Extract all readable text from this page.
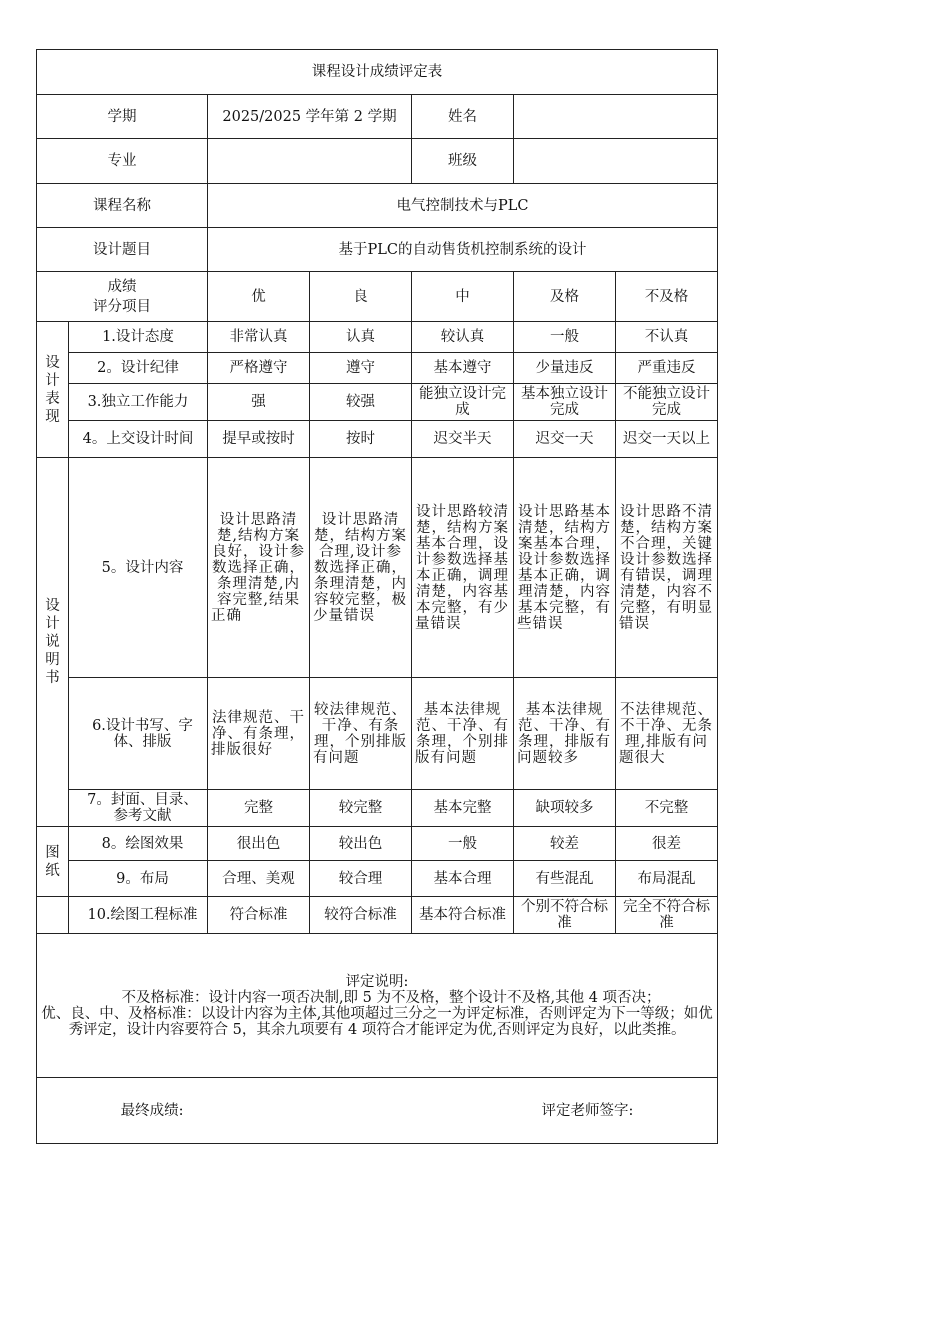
课程设计成绩评定表						
学期		2025/2025 学年第 2 学期		姓名		
专业				班级		
课程名称		电气控制技术与PLC				
设计题目		基于PLC的自动售货机控制系统的设计				

成绩
评分项目		优	良	中	及格	不及格

设计表现	1.设计态度	非常认真	认真	较认真	一般	不认真
	2。设计纪律	严格遵守	遵守	基本遵守	少量违反	严重违反
	3.独立工作能力	强	较强	能独立设计完成	基本独立设计完成	不能独立设计完成
	4。上交设计时间	提早或按时	按时	迟交半天	迟交一天	迟交一天以上

设计说明书	5。设计内容	设计思路清楚,结构方案良好，设计参数选择正确，条理清楚,内容完整,结果正确	设计思路清楚，结构方案合理,设计参数选择正确，条理清楚，内容较完整，极少量错误	设计思路较清楚，结构方案基本合理，设计参数选择基本正确，调理清楚，内容基本完整，有少量错误	设计思路基本清楚，结构方案基本合理，设计参数选择基本正确，调理清楚，内容基本完整，有些错误	设计思路不清楚，结构方案不合理，关键设计参数选择有错误，调理清楚，内容不完整，有明显错误
	6.设计书写、字体、排版	法律规范、干净、有条理，排版很好	较法律规范、干净、有条理，个别排版有问题	基本法律规范、干净、有条理，个别排版有问题	基本法律规范、干净、有条理，排版有问题较多	不法律规范、不干净、无条理,排版有问题很大
	7。封面、目录、参考文献	完整	较完整	基本完整	缺项较多	不完整

图纸	8。绘图效果	很出色	较出色	一般	较差	很差
	9。布局	合理、美观	较合理	基本合理	有些混乱	布局混乱
	10.绘图工程标准	符合标准	较符合标准	基本符合标准	个别不符合标准	完全不符合标准

评定说明:
不及格标准：设计内容一项否决制,即 5 为不及格，整个设计不及格,其他 4 项否决；
优、良、中、及格标准：以设计内容为主体,其他项超过三分之一为评定标准，否则评定为下一等级；如优秀评定，设计内容要符合 5，其余九项要有 4 项符合才能评定为优,否则评定为良好，以此类推。						

最终成绩: 评定老师签字:						
